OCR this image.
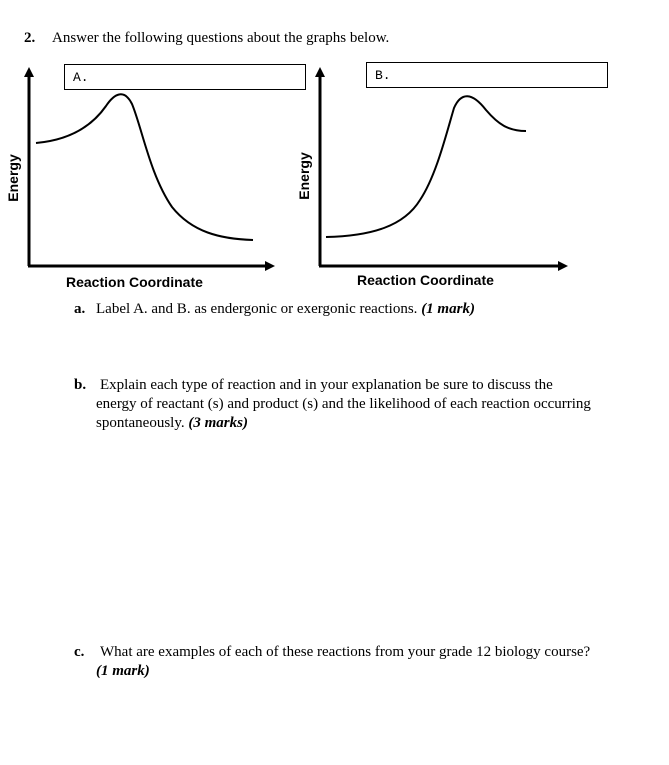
2. Answer the following questions about the graphs below.
A.	B.
Energy	Energy
Reaction Coordinate	Reaction Coordinate
a. Label A. and B. as endergonic or exergonic reactions. (1 mark)
b. Explain each type of reaction and in your explanation be sure to discuss the
energy of reactant (s) and product (s) and the likelihood of each reaction occurring
spontaneously. (3 marks)
c. What are examples of each of these reactions from your grade 12 biology course?
(1 mark)
